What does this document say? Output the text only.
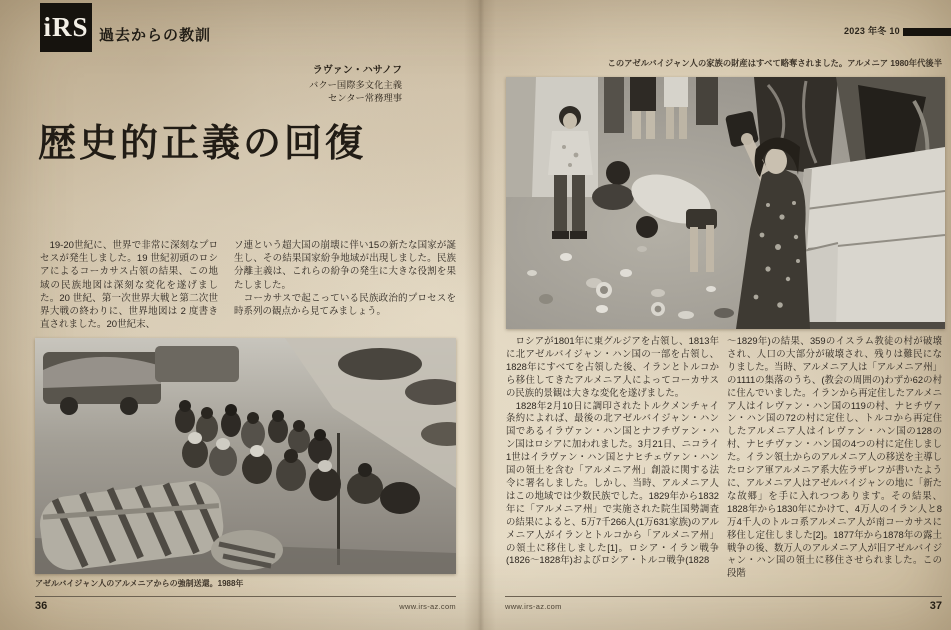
iRS 過去からの教訓	2023 年冬 10
ラヴァン・ハサノフ
バクー国際多文化主義
センター常務理事
歴史的正義の回復

　19-20世紀に、世界で非常に深刻なプロセスが発生しました。19 世紀初頭のロシアによるコーカサス占領の結果、この地域の民族地図は深刻な変化を遂げました。20 世紀、第一次世界大戦と第二次世界大戦の終わりに、世界地図は 2 度書き直されました。20世紀末、

ソ連という超大国の崩壊に伴い15の新たな国家が誕生し、その結果国家紛争地域が出現しました。民族分離主義は、これらの紛争の発生に大きな役割を果たしました。

　コーカサスで起こっている民族政治的プロセスを時系列の観点から見てみましょう。

アゼルバイジャン人のアルメニアからの強制送還。1988年
36	www.irs-az.com
このアゼルバイジャン人の家族の財産はすべて略奪されました。アルメニア 1980年代後半

　ロシアが1801年に東グルジアを占領し、1813年に北アゼルバイジャン・ハン国の一部を占領し、1828年にすべてを占領した後、イランとトルコから移住してきたアルメニア人によってコーカサスの民族的景観は大きな変化を遂げました。

　1828年2月10日に調印されたトルクメンチャイ条約によれば、最後の北アゼルバイジャン・ハン国であるイラヴァン・ハン国とナフチヴァン・ハン国はロシアに加われました。3月21日、ニコライ1世はイラヴァン・ハン国とナヒチェヴァン・ハン国の領土を含む「アルメニア州」創設に関する法令に署名しました。しかし、当時、アルメニア人はこの地域では少数民族でした。1829年から1832年に「アルメニア州」で実施された院生国勢調査の結果によると、5万7千266人(1万631家族)のアルメニア人がイランとトルコから「アルメニア州」の領土に移住しました[1]。ロシア・イラン戦争(1826〜1828年)およびロシア・トルコ戦争(1828

〜1829年)の結果、359のイスラム教徒の村が破壊され、人口の大部分が破壊され、残りは難民になりました。当時、アルメニア人は「アルメニア州」の1111の集落のうち、(教会の周囲の)わずか62の村に住んでいました。イランから再定住したアルメニア人はイレヴァン・ハン国の119の村、ナヒチヴァン・ハン国の72の村に定住し、トルコから再定住したアルメニア人はイレヴァン・ハン国の128の村、ナヒチヴァン・ハン国の4つの村に定住しました。イラン領土からのアルメニア人の移送を主導したロシア軍アルメニア系大佐ラザレフが書いたように、アルメニア人はアゼルバイジャンの地に「新たな故郷」を手に入れつつあります。その結果、1828年から1830年にかけて、4万人のイラン人と8万4千人のトルコ系アルメニア人が南コーカサスに移住し定住しました[2]。1877年から1878年の露土戦争の後、数万人のアルメニア人が旧アゼルバイジャン・ハン国の領土に移住させられました。この段階

www.irs-az.com	37
